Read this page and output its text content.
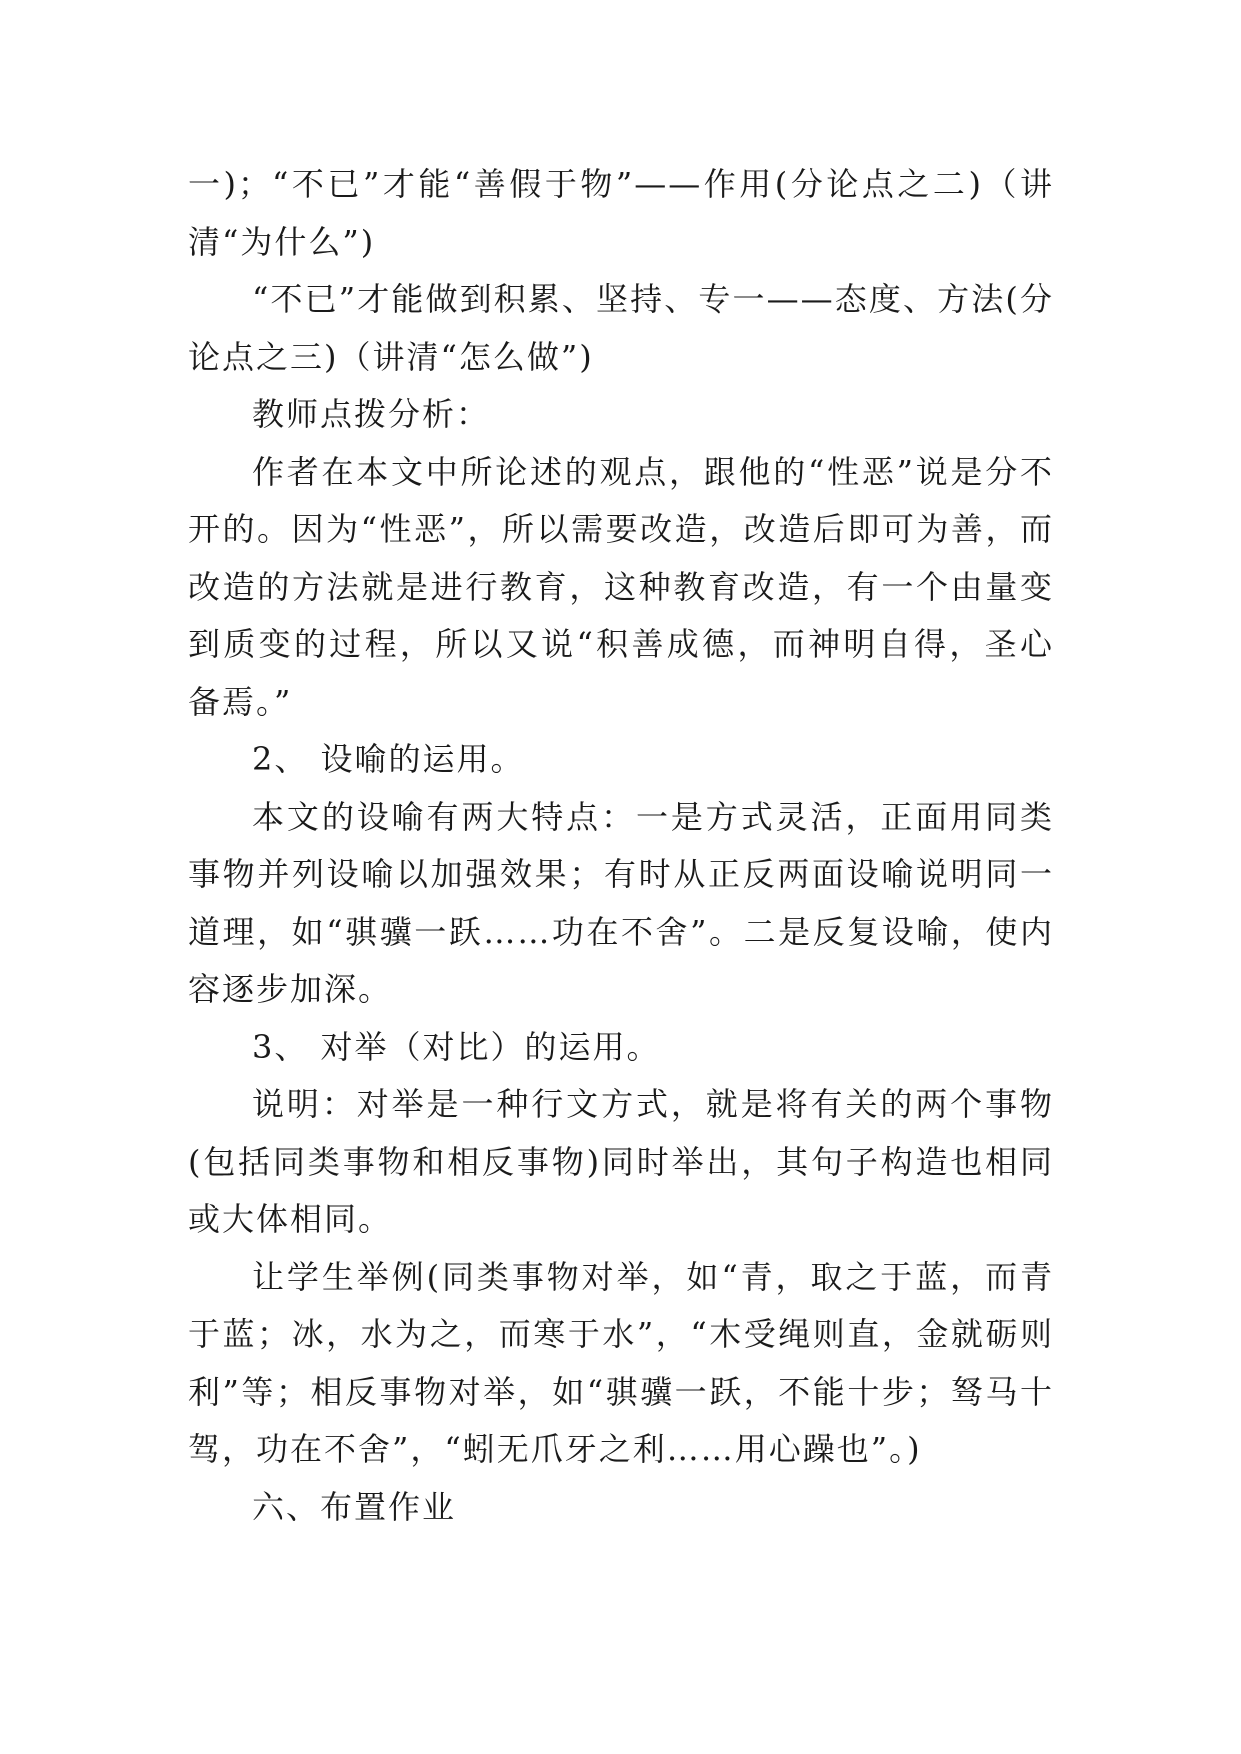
一)；“不已”才能“善假于物”——作用(分论点之二)（讲清“为什么”)

“不已”才能做到积累、坚持、专一——态度、方法(分论点之三)（讲清“怎么做”)

教师点拨分析：

作者在本文中所论述的观点，跟他的“性恶”说是分不开的。因为“性恶”，所以需要改造，改造后即可为善，而改造的方法就是进行教育，这种教育改造，有一个由量变到质变的过程，所以又说“积善成德，而神明自得，圣心备焉。”

2、 设喻的运用。

本文的设喻有两大特点：一是方式灵活，正面用同类事物并列设喻以加强效果；有时从正反两面设喻说明同一道理，如“骐骥一跃……功在不舍”。二是反复设喻，使内容逐步加深。

3、 对举（对比）的运用。

说明：对举是一种行文方式，就是将有关的两个事物(包括同类事物和相反事物)同时举出，其句子构造也相同或大体相同。

让学生举例(同类事物对举，如“青，取之于蓝，而青于蓝；冰，水为之，而寒于水”，“木受绳则直，金就砺则利”等；相反事物对举，如“骐骥一跃，不能十步；驽马十驾，功在不舍”，“蚓无爪牙之利……用心躁也”。)

六、布置作业
